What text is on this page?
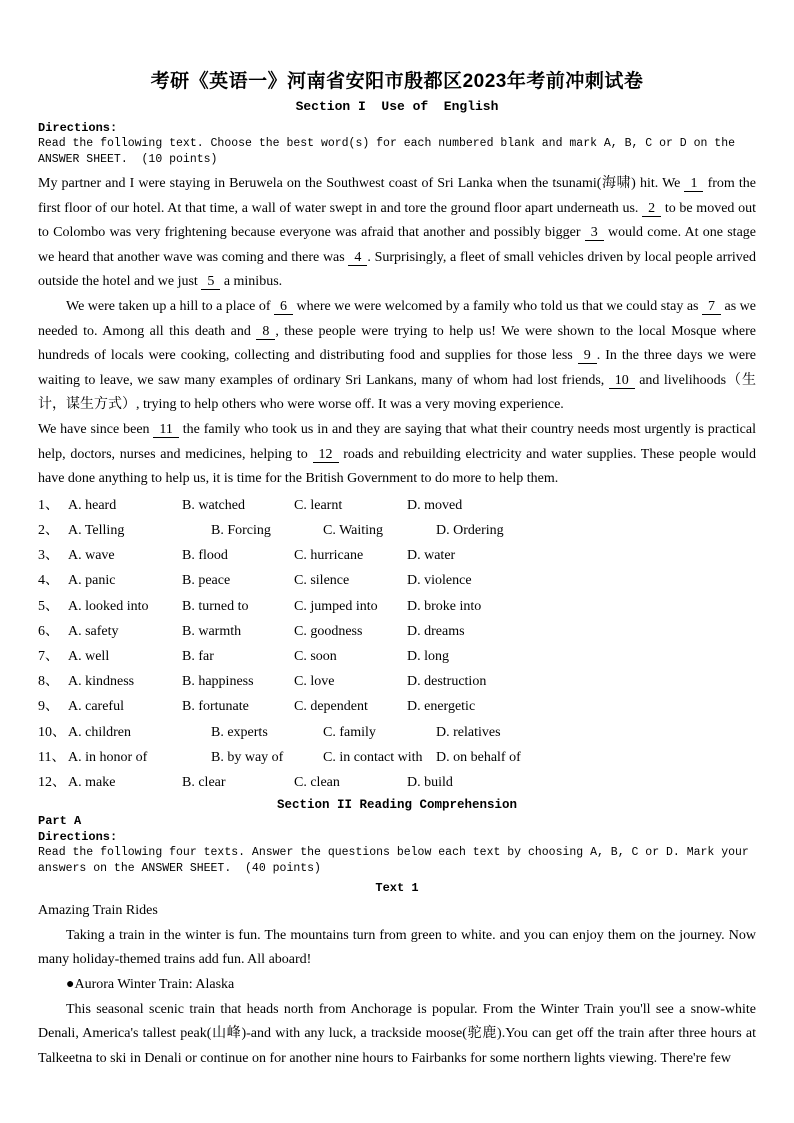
考研《英语一》河南省安阳市殷都区2023年考前冲刺试卷
Section I  Use of  English
Directions:
Read the following text. Choose the best word(s) for each numbered blank and mark A, B, C or D on the ANSWER SHEET.  (10 points)
My partner and I were staying in Beruwela on the Southwest coast of Sri Lanka when the tsunami(海啸) hit. We 1 from the first floor of our hotel. At that time, a wall of water swept in and tore the ground floor apart underneath us. 2 to be moved out to Colombo was very frightening because everyone was afraid that another and possibly bigger 3 would come. At one stage we heard that another wave was coming and there was 4 . Surprisingly, a fleet of small vehicles driven by local people arrived outside the hotel and we just 5 a minibus.
We were taken up a hill to a place of 6 where we were welcomed by a family who told us that we could stay as 7 as we needed to. Among all this death and 8 , these people were trying to help us! We were shown to the local Mosque where hundreds of locals were cooking, collecting and distributing food and supplies for those less 9 . In the three days we were waiting to leave, we saw many examples of ordinary Sri Lankans, many of whom had lost friends, 10 and livelihoods（生计，谋生方式）, trying to help others who were worse off. It was a very moving experience.
We have since been 11 the family who took us in and they are saying that what their country needs most urgently is practical help, doctors, nurses and medicines, helping to 12 roads and rebuilding electricity and water supplies. These people would have done anything to help us, it is time for the British Government to do more to help them.
1、 A. heard	B. watched	C. learnt	D. moved
2、 A. Telling	B. Forcing	C. Waiting	D. Ordering
3、 A. wave	B. flood	C. hurricane	D. water
4、 A. panic	B. peace	C. silence	D. violence
5、 A. looked into	B. turned to	C. jumped into	D. broke into
6、 A. safety	B. warmth	C. goodness	D. dreams
7、 A. well	B. far	C. soon	D. long
8、 A. kindness	B. happiness	C. love	D. destruction
9、 A. careful	B. fortunate	C. dependent	D. energetic
10、 A. children	B. experts	C. family	D. relatives
11、 A. in honor of	B. by way of	C. in contact with D. on behalf of
12、 A. make	B. clear	C. clean	D. build
Section II Reading Comprehension
Part A
Directions:
Read the following four texts. Answer the questions below each text by choosing A, B, C or D. Mark your answers on the ANSWER SHEET.  (40 points)
Text 1
Amazing Train Rides
Taking a train in the winter is fun. The mountains turn from green to white. and you can enjoy them on the journey. Now many holiday-themed trains add fun. All aboard!
●Aurora Winter Train: Alaska
This seasonal scenic train that heads north from Anchorage is popular. From the Winter Train you'll see a snow-white Denali, America's tallest peak(山峰)-and with any luck, a trackside moose(驼鹿).You can get off the train after three hours at Talkeetna to ski in Denali or continue on for another nine hours to Fairbanks for some northern lights viewing. There're few
